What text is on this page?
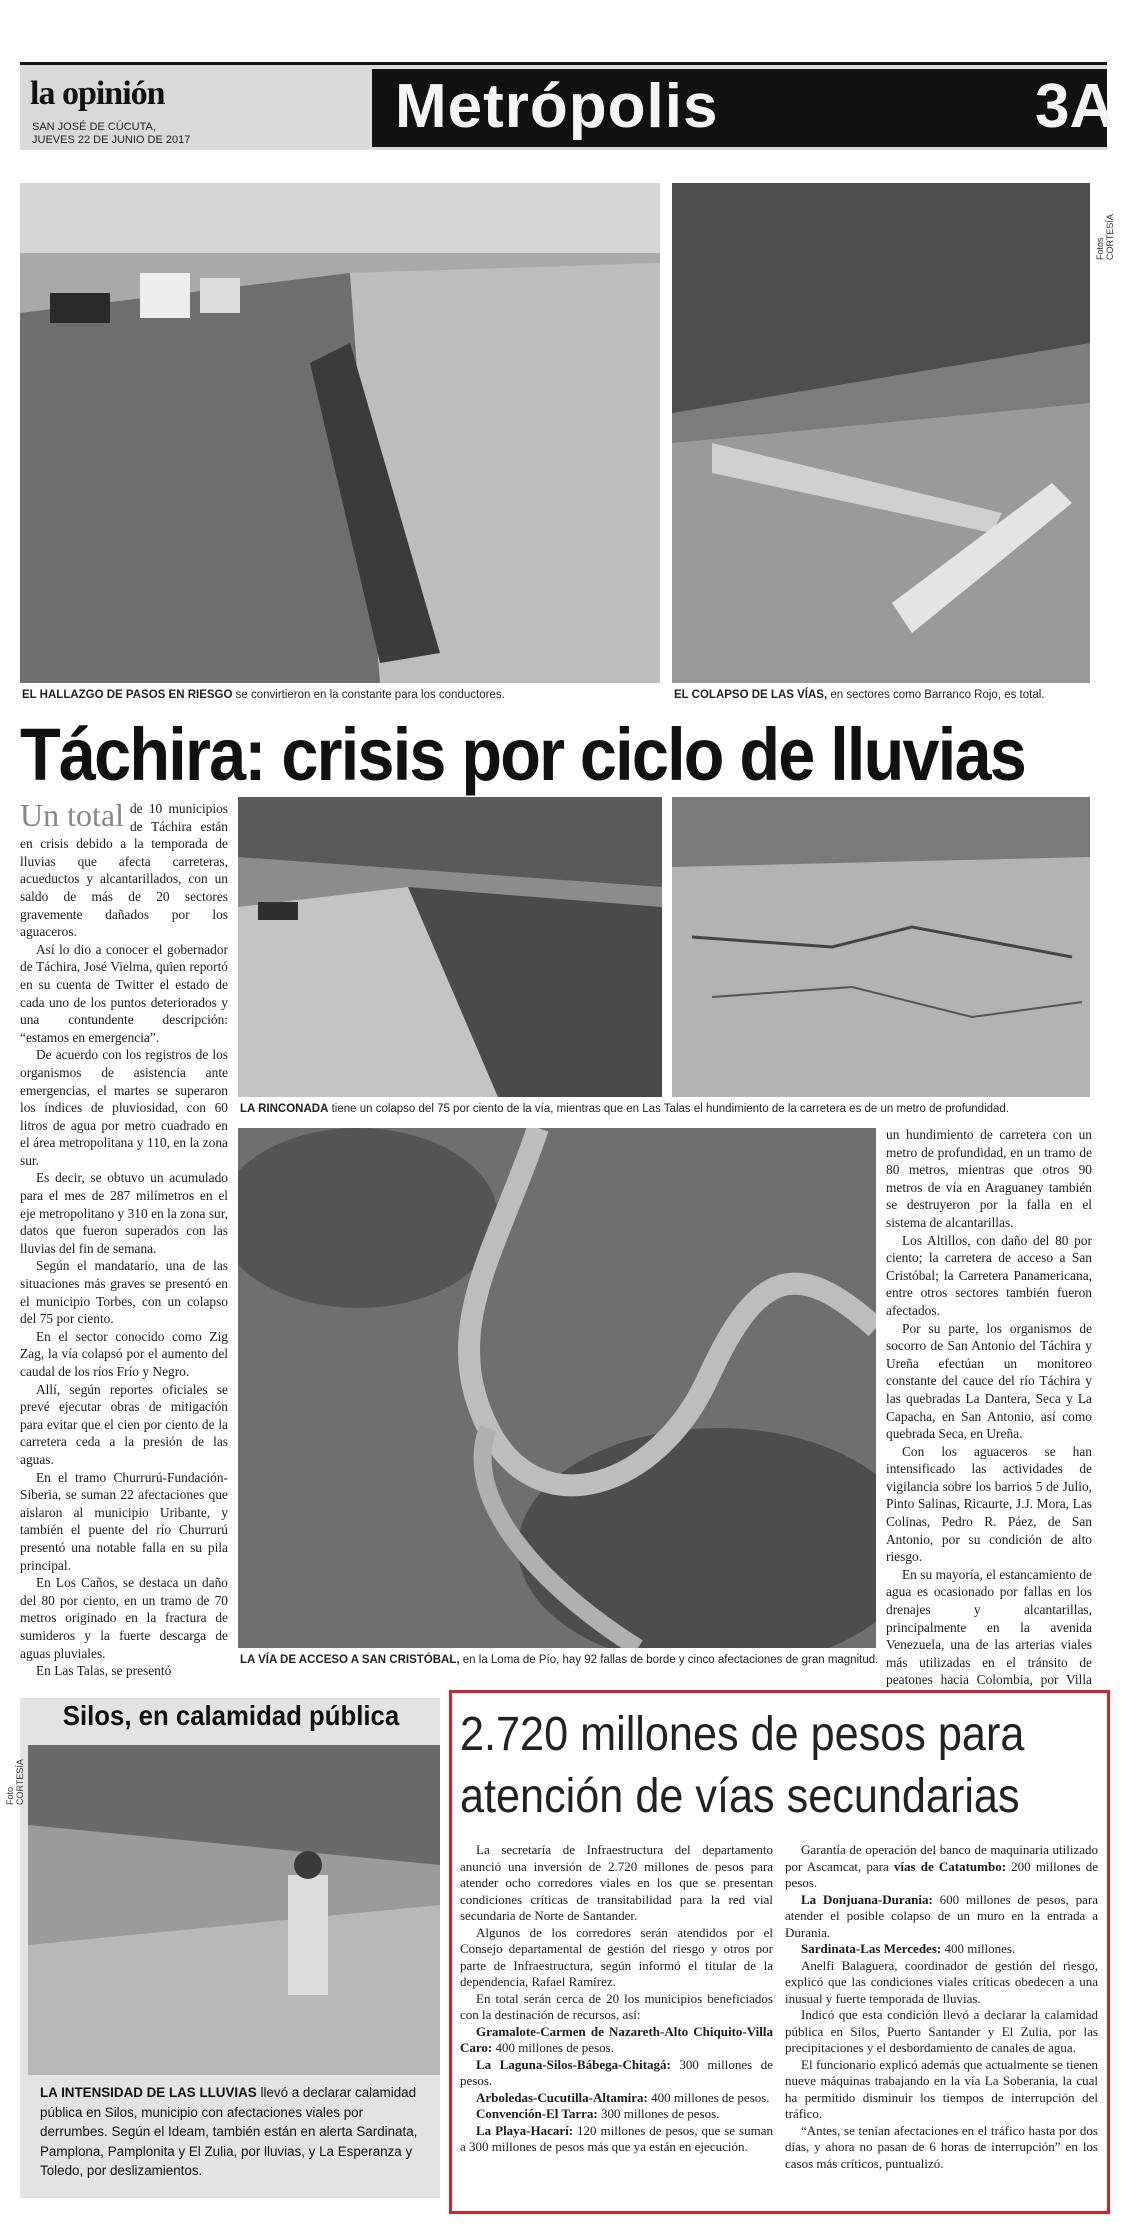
la opinión
SAN JOSÉ DE CÚCUTA,
JUEVES 22 DE JUNIO DE 2017	Metrópolis	3A
Fotos CORTESÍA
EL HALLAZGO DE PASOS EN RIESGO se convirtieron en la constante para los conductores.	EL COLAPSO DE LAS VÍAS, en sectores como Barranco Rojo, es total.
Táchira: crisis por ciclo de lluvias

Un total de 10 municipios de Táchira están en crisis debido a la temporada de lluvias que afecta carreteras, acueductos y alcantarillados, con un saldo de más de 20 sectores gravemente dañados por los aguaceros.

Así lo dio a conocer el gobernador de Táchira, José Vielma, quien reportó en su cuenta de Twitter el estado de cada uno de los puntos deteriorados y una contundente descripción: “estamos en emergencia”.

De acuerdo con los registros de los organismos de asistencia ante emergencias, el martes se superaron los índices de pluviosidad, con 60 litros de agua por metro cuadrado en el área metropolitana y 110, en la zona sur.

Es decir, se obtuvo un acumulado para el mes de 287 milímetros en el eje metropolitano y 310 en la zona sur, datos que fueron superados con las lluvias del fin de semana.

Según el mandatario, una de las situaciones más graves se presentó en el municipio Torbes, con un colapso del 75 por ciento.

En el sector conocido como Zig Zag, la vía colapsó por el aumento del caudal de los ríos Frío y Negro.

Allí, según reportes oficiales se prevé ejecutar obras de mitigación para evitar que el cien por ciento de la carretera ceda a la presión de las aguas.

En el tramo Churrurú-Fundación-Siberia, se suman 22 afectaciones que aislaron al municipio Uribante, y también el puente del río Churrurú presentó una notable falla en su pila principal.

En Los Caños, se destaca un daño del 80 por ciento, en un tramo de 70 metros originado en la fractura de sumideros y la fuerte descarga de aguas pluviales.

En Las Talas, se presentó

LA RINCONADA tiene un colapso del 75 por ciento de la vía, mientras que en Las Talas el hundimiento de la carretera es de un metro de profundidad.
LA VÍA DE ACCESO A SAN CRISTÓBAL, en la Loma de Pío, hay 92 fallas de borde y cinco afectaciones de gran magnitud.

un hundimiento de carretera con un metro de profundidad, en un tramo de 80 metros, mientras que otros 90 metros de vía en Araguaney también se destruyeron por la falla en el sistema de alcantarillas.

Los Altillos, con daño del 80 por ciento; la carretera de acceso a San Cristóbal; la Carretera Panamericana, entre otros sectores también fueron afectados.

Por su parte, los organismos de socorro de San Antonio del Táchira y Ureña efectúan un monitoreo constante del cauce del río Táchira y las quebradas La Dantera, Seca y La Capacha, en San Antonio, así como quebrada Seca, en Ureña.

Con los aguaceros se han intensificado las actividades de vigilancia sobre los barrios 5 de Julio, Pinto Salinas, Ricaurte, J.J. Mora, Las Colinas, Pedro R. Páez, de San Antonio, por su condición de alto riesgo.

En su mayoría, el estancamiento de agua es ocasionado por fallas en los drenajes y alcantarillas, principalmente en la avenida Venezuela, una de las arterias viales más utilizadas en el tránsito de peatones hacia Colombia, por Villa

Silos, en calamidad pública
Foto CORTESÍA
LA INTENSIDAD DE LAS LLUVIAS llevó a declarar calamidad pública en Silos, municipio con afectaciones viales por derrumbes. Según el Ideam, también están en alerta Sardinata, Pamplona, Pamplonita y El Zulia, por lluvias, y La Esperanza y Toledo, por deslizamientos.
2.720 millones de pesos para atención de vías secundarias

La secretaría de Infraestructura del departamento anunció una inversión de 2.720 millones de pesos para atender ocho corredores viales en los que se presentan condiciones críticas de transitabilidad para la red vial secundaria de Norte de Santander.

Algunos de los corredores serán atendidos por el Consejo departamental de gestión del riesgo y otros por parte de Infraestructura, según informó el titular de la dependencia, Rafael Ramírez.

En total serán cerca de 20 los municipios beneficiados con la destinación de recursos, así:

Gramalote-Carmen de Nazareth-Alto Chiquito-Villa Caro: 400 millones de pesos.

La Laguna-Silos-Bábega-Chitagá: 300 millones de pesos.

Arboledas-Cucutilla-Altamira: 400 millones de pesos.

Convención-El Tarra: 300 millones de pesos.

La Playa-Hacarí: 120 millones de pesos, que se suman a 300 millones de pesos más que ya están en ejecución.

Garantía de operación del banco de maquinaria utilizado por Ascamcat, para vías de Catatumbo: 200 millones de pesos.

La Donjuana-Durania: 600 millones de pesos, para atender el posible colapso de un muro en la entrada a Durania.

Sardinata-Las Mercedes: 400 millones.

Anelfi Balaguera, coordinador de gestión del riesgo, explicó que las condiciones viales críticas obedecen a una inusual y fuerte temporada de lluvias.

Indicó que esta condición llevó a declarar la calamidad pública en Silos, Puerto Santander y El Zulia, por las precipitaciones y el desbordamiento de canales de agua.

El funcionario explicó además que actualmente se tienen nueve máquinas trabajando en la vía La Soberania, la cual ha permitido disminuir los tiempos de interrupción del tráfico.

“Antes, se tenían afectaciones en el tráfico hasta por dos días, y ahora no pasan de 6 horas de interrupción” en los casos más críticos, puntualizó.
